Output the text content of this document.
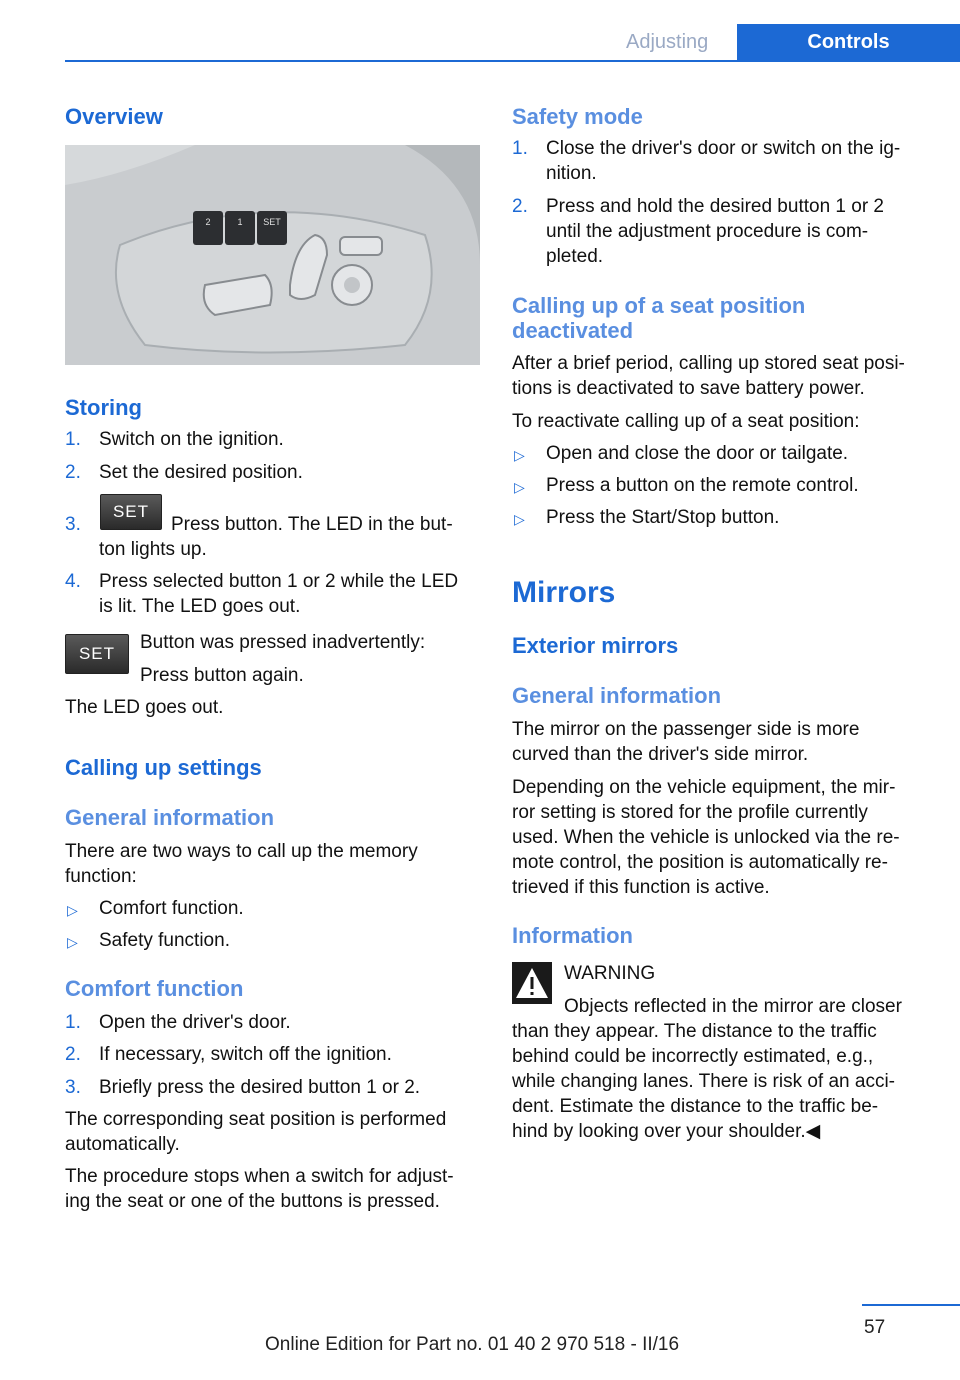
Adjusting	Controls
Overview
2	1 SET
Storing
1. Switch on the ignition.
2. Set the desired position.
3.
SET
Press button. The LED in the but-
ton lights up.
4. Press selected button 1 or 2 while the LED
is lit. The LED goes out.
SET
Button was pressed inadvertently:
Press button again.
The LED goes out.
Calling up settings
General information
There are two ways to call up the memory
function:
▷ Comfort function.
▷ Safety function.
Comfort function
1. Open the driver's door.
2. If necessary, switch off the ignition.
3. Briefly press the desired button 1 or 2.
The corresponding seat position is performed
automatically.
The procedure stops when a switch for adjust-
ing the seat or one of the buttons is pressed.
Safety mode
1. Close the driver's door or switch on the ig-
nition.
2. Press and hold the desired button 1 or 2
until the adjustment procedure is com-
pleted.
Calling up of a seat position
deactivated
After a brief period, calling up stored seat posi-
tions is deactivated to save battery power.
To reactivate calling up of a seat position:
▷ Open and close the door or tailgate.
▷ Press a button on the remote control.
▷ Press the Start/Stop button.
Mirrors
Exterior mirrors
General information
The mirror on the passenger side is more
curved than the driver's side mirror.
Depending on the vehicle equipment, the mir-
ror setting is stored for the profile currently
used. When the vehicle is unlocked via the re-
mote control, the position is automatically re-
trieved if this function is active.
Information
WARNING
Objects reflected in the mirror are closer
than they appear. The distance to the traffic
behind could be incorrectly estimated, e.g.,
while changing lanes. There is risk of an acci-
dent. Estimate the distance to the traffic be-
hind by looking over your shoulder.◀
57
Online Edition for Part no. 01 40 2 970 518 - II/16
